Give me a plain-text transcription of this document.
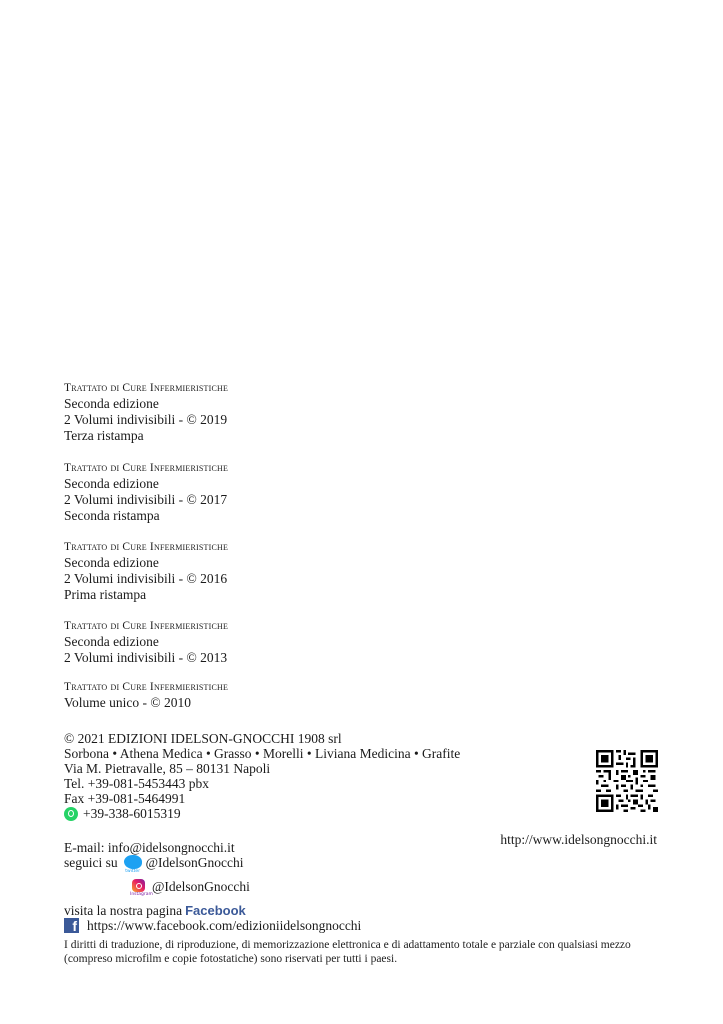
Trattato di Cure Infermieristiche
Seconda edizione
2 Volumi indivisibili - © 2019
Terza ristampa
Trattato di Cure Infermieristiche
Seconda edizione
2 Volumi indivisibili - © 2017
Seconda ristampa
Trattato di Cure Infermieristiche
Seconda edizione
2 Volumi indivisibili - © 2016
Prima ristampa
Trattato di Cure Infermieristiche
Seconda edizione
2 Volumi indivisibili - © 2013
Trattato di Cure Infermieristiche
Volume unico - © 2010
© 2021 EDIZIONI IDELSON-GNOCCHI 1908 srl
Sorbona • Athena Medica • Grasso • Morelli • Liviana Medicina • Grafite
Via M. Pietravalle, 85 – 80131 Napoli
Tel. +39-081-5453443 pbx
Fax +39-081-5464991
+39-338-6015319
http://www.idelsongnocchi.it
E-mail: info@idelsongnocchi.it
seguici su
twitter
@IdelsonGnocchi
Instagram
@IdelsonGnocchi
visita la nostra pagina Facebook
f https://www.facebook.com/edizioniidelsongnocchi
I diritti di traduzione, di riproduzione, di memorizzazione elettronica e di adattamento totale e parziale con qualsiasi mezzo (compreso microfilm e copie fotostatiche) sono riservati per tutti i paesi.
